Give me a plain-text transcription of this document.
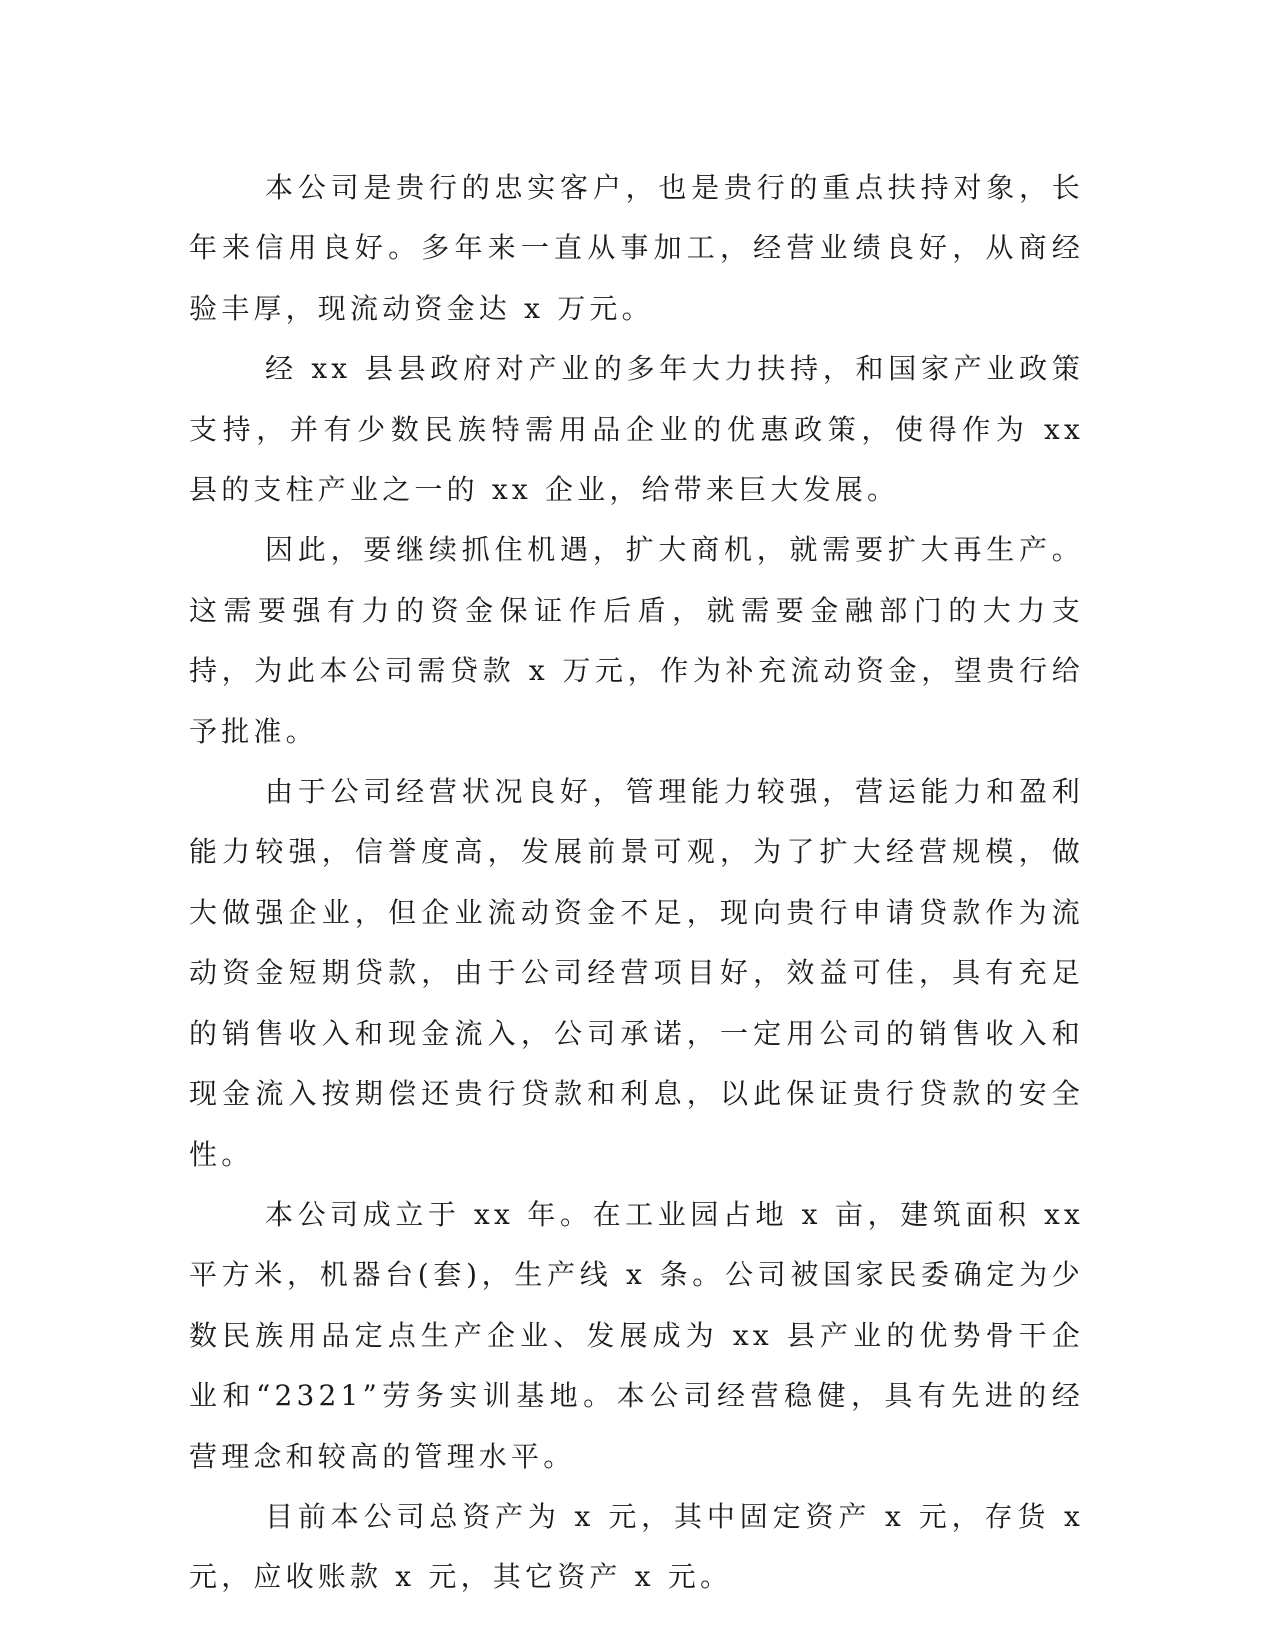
本公司是贵行的忠实客户，也是贵行的重点扶持对象，长年来信用良好。多年来一直从事加工，经营业绩良好，从商经验丰厚，现流动资金达 x 万元。

经 xx 县县政府对产业的多年大力扶持，和国家产业政策支持，并有少数民族特需用品企业的优惠政策，使得作为 xx 县的支柱产业之一的 xx 企业，给带来巨大发展。

因此，要继续抓住机遇，扩大商机，就需要扩大再生产。这需要强有力的资金保证作后盾，就需要金融部门的大力支持，为此本公司需贷款 x 万元，作为补充流动资金，望贵行给予批准。

由于公司经营状况良好，管理能力较强，营运能力和盈利能力较强，信誉度高，发展前景可观，为了扩大经营规模，做大做强企业，但企业流动资金不足，现向贵行申请贷款作为流动资金短期贷款，由于公司经营项目好，效益可佳，具有充足的销售收入和现金流入，公司承诺，一定用公司的销售收入和现金流入按期偿还贵行贷款和利息，以此保证贵行贷款的安全性。

本公司成立于 xx 年。在工业园占地 x 亩，建筑面积 xx 平方米，机器台(套)，生产线 x 条。公司被国家民委确定为少数民族用品定点生产企业、发展成为 xx 县产业的优势骨干企业和“2321”劳务实训基地。本公司经营稳健，具有先进的经营理念和较高的管理水平。

目前本公司总资产为 x 元，其中固定资产 x 元，存货 x 元，应收账款 x 元，其它资产 x 元。
